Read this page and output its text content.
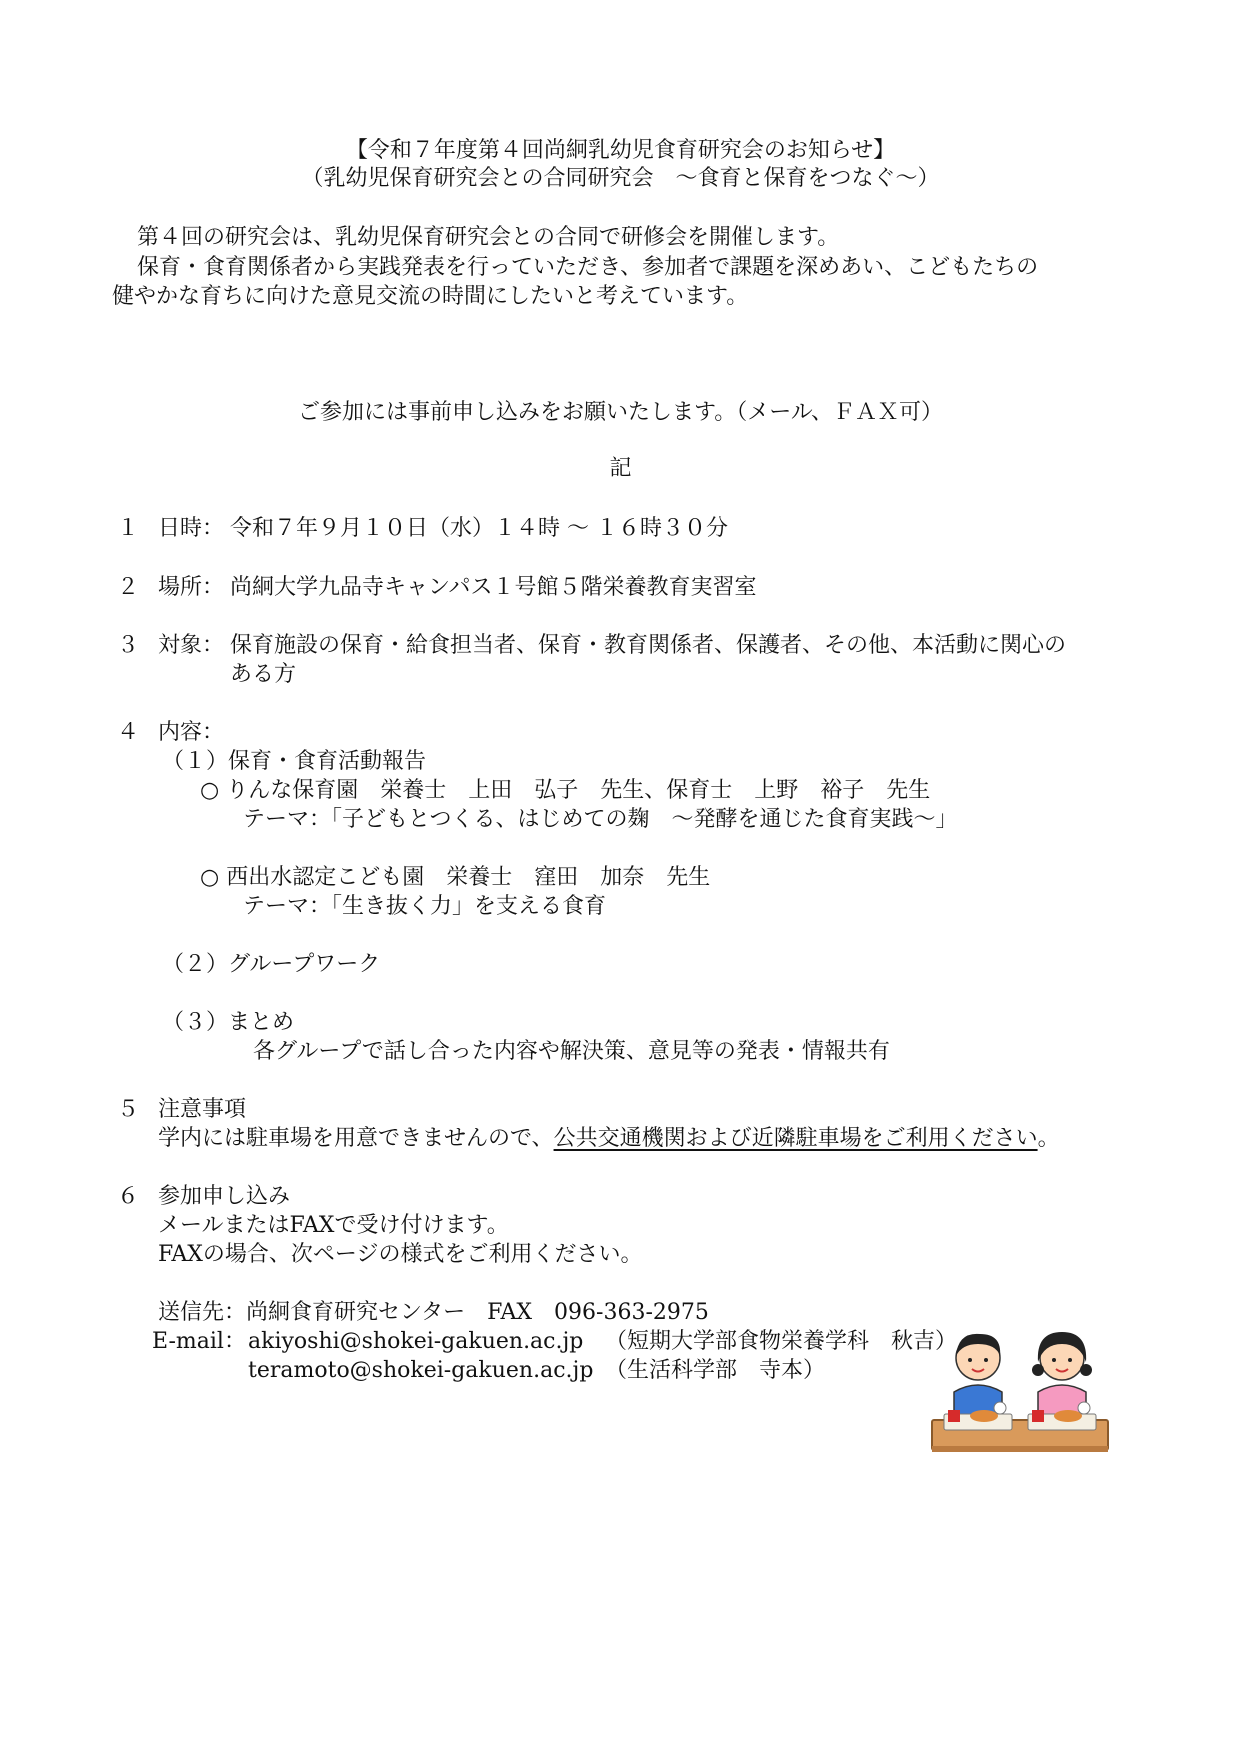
【令和７年度第４回尚絅乳幼児食育研究会のお知らせ】
（乳幼児保育研究会との合同研究会　～食育と保育をつなぐ～）
第４回の研究会は、乳幼児保育研究会との合同で研修会を開催します。
保育・食育関係者から実践発表を行っていただき、参加者で課題を深めあい、こどもたちの
健やかな育ちに向けた意見交流の時間にしたいと考えています。
ご参加には事前申し込みをお願いたします。（メール、ＦＡＸ可）
記
１ 日時： 令和７年９月１０日（水）１４時 ～ １６時３０分
２ 場所： 尚絅大学九品寺キャンパス１号館５階栄養教育実習室
３ 対象： 保育施設の保育・給食担当者、保育・教育関係者、保護者、その他、本活動に関心の
ある方
４ 内容：
（１）保育・食育活動報告
○ りんな保育園　栄養士　上田　弘子　先生、保育士　上野　裕子　先生
テーマ：「子どもとつくる、はじめての麹　～発酵を通じた食育実践～」
○ 西出水認定こども園　栄養士　窪田　加奈　先生
テーマ：「生き抜く力」を支える食育
（２）グループワーク
（３）まとめ
各グループで話し合った内容や解決策、意見等の発表・情報共有
５ 注意事項
学内には駐車場を用意できませんので、公共交通機関および近隣駐車場をご利用ください。
６ 参加申し込み
メールまたはFAXで受け付けます。
FAXの場合、次ページの様式をご利用ください。
送信先：尚絅食育研究センター　FAX　096-363-2975
E-mail： akiyoshi@shokei-gakuen.ac.jp （短期大学部食物栄養学科　秋吉）
teramoto@shokei-gakuen.ac.jp （生活科学部　寺本）
